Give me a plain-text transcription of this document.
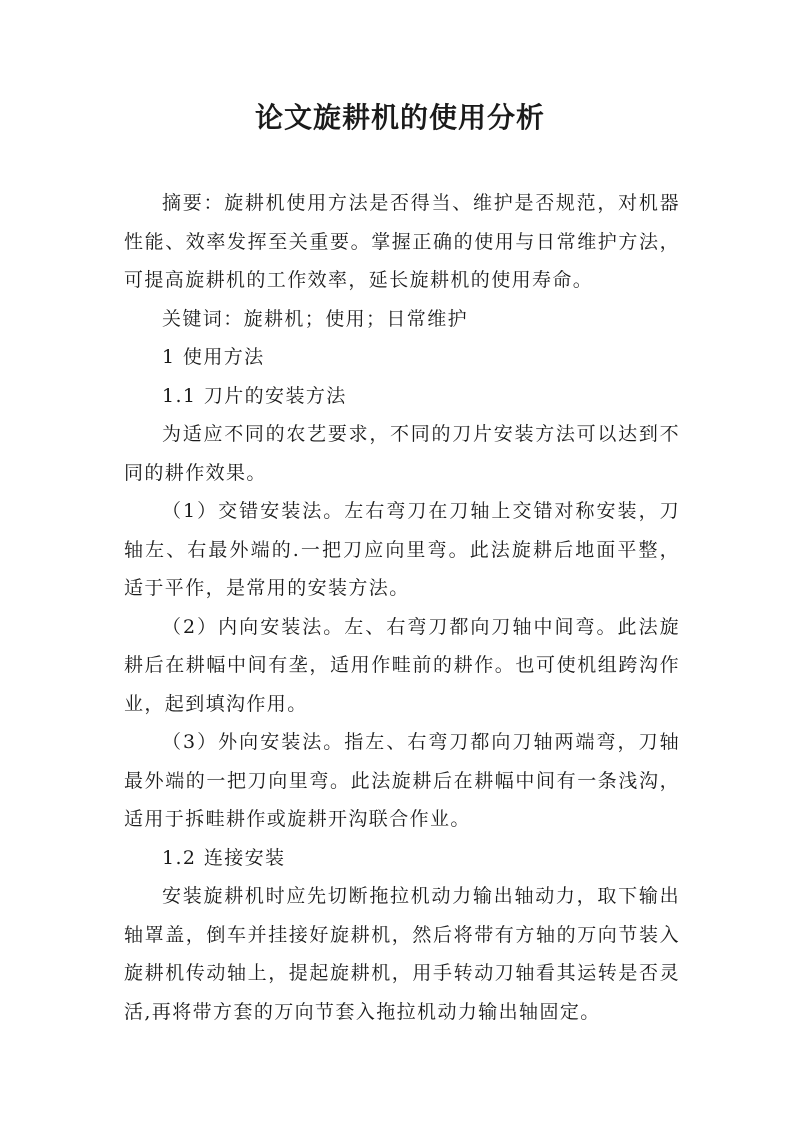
论文旋耕机的使用分析

摘要：旋耕机使用方法是否得当、维护是否规范，对机器性能、效率发挥至关重要。掌握正确的使用与日常维护方法，可提高旋耕机的工作效率，延长旋耕机的使用寿命。

关键词：旋耕机；使用；日常维护

1 使用方法

1.1 刀片的安装方法

为适应不同的农艺要求，不同的刀片安装方法可以达到不同的耕作效果。

（1）交错安装法。左右弯刀在刀轴上交错对称安装，刀轴左、右最外端的.一把刀应向里弯。此法旋耕后地面平整，适于平作，是常用的安装方法。

（2）内向安装法。左、右弯刀都向刀轴中间弯。此法旋耕后在耕幅中间有垄，适用作畦前的耕作。也可使机组跨沟作业，起到填沟作用。

（3）外向安装法。指左、右弯刀都向刀轴两端弯，刀轴最外端的一把刀向里弯。此法旋耕后在耕幅中间有一条浅沟，适用于拆畦耕作或旋耕开沟联合作业。

1.2 连接安装

安装旋耕机时应先切断拖拉机动力输出轴动力，取下输出轴罩盖，倒车并挂接好旋耕机，然后将带有方轴的万向节装入旋耕机传动轴上，提起旋耕机，用手转动刀轴看其运转是否灵活,再将带方套的万向节套入拖拉机动力输出轴固定。
